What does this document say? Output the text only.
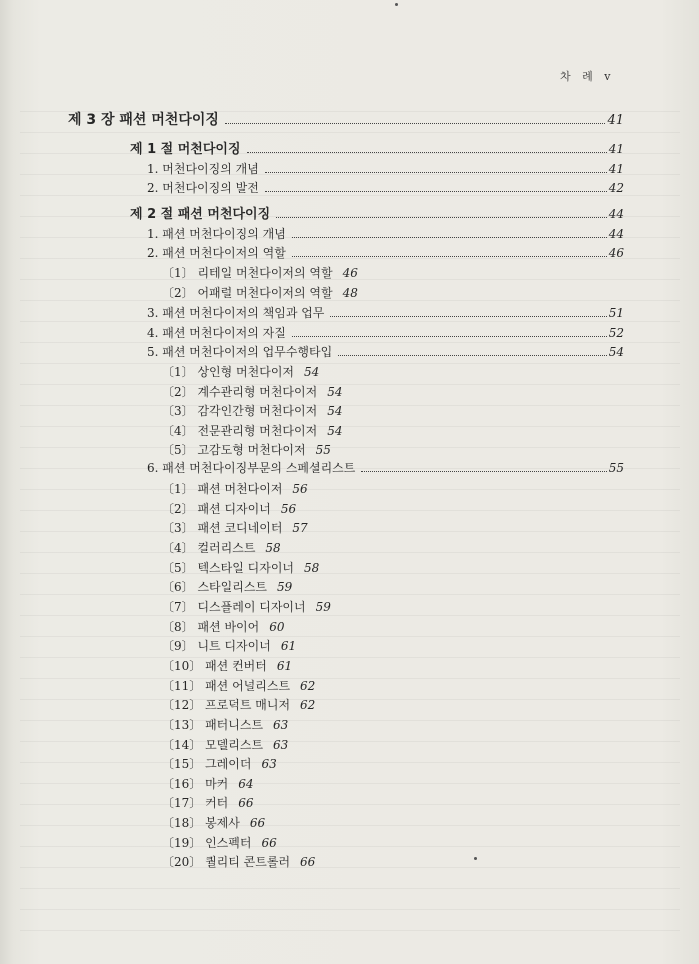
차 례 v
제 3 장 패션 머천다이징	41
제 1 절 머천다이징	41
1. 머천다이징의 개념	41
2. 머천다이징의 발전	42
제 2 절 패션 머천다이징	44
1. 패션 머천다이징의 개념	44
2. 패션 머천다이저의 역할	46
〔1〕 리테일 머천다이저의 역할 46
〔2〕 어패럴 머천다이저의 역할 48
3. 패션 머천다이저의 책임과 업무	51
4. 패션 머천다이저의 자질	52
5. 패션 머천다이저의 업무수행타입	54
〔1〕 상인형 머천다이저 54
〔2〕 계수관리형 머천다이저 54
〔3〕 감각인간형 머천다이저 54
〔4〕 전문관리형 머천다이저 54
〔5〕 고감도형 머천다이저 55
6. 패션 머천다이징부문의 스페셜리스트	55
〔1〕 패션 머천다이저 56
〔2〕 패션 디자이너 56
〔3〕 패션 코디네이터 57
〔4〕 컬러리스트 58
〔5〕 텍스타일 디자이너 58
〔6〕 스타일리스트 59
〔7〕 디스플레이 디자이너 59
〔8〕 패션 바이어 60
〔9〕 니트 디자이너 61
〔10〕 패션 컨버터 61
〔11〕 패션 어널리스트 62
〔12〕 프로덕트 매니저 62
〔13〕 패터니스트 63
〔14〕 모델리스트 63
〔15〕 그레이더 63
〔16〕 마커 64
〔17〕 커터 66
〔18〕 봉제사 66
〔19〕 인스펙터 66
〔20〕 퀄리티 콘트롤러 66
